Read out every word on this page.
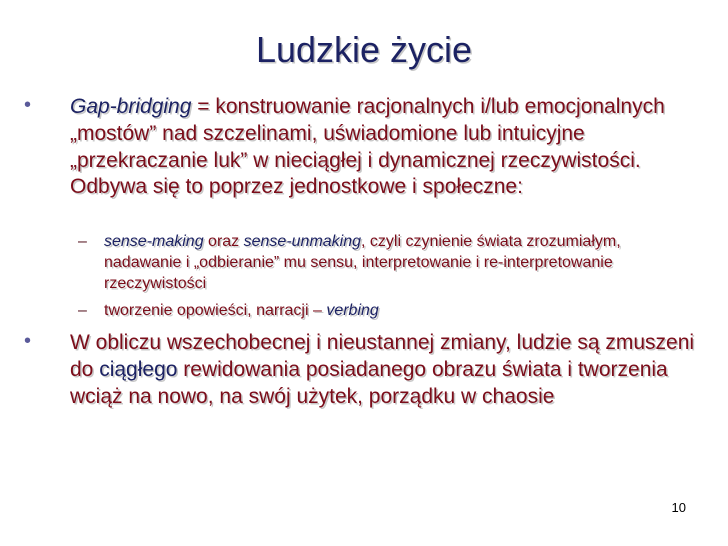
Ludzkie życie
• Gap-bridging = konstruowanie racjonalnych i/lub emocjonalnych „mostów” nad szczelinami, uświadomione lub intuicyjne „przekraczanie luk” w nieciągłej i dynamicznej rzeczywistości. Odbywa się to poprzez jednostkowe i społeczne:
– sense-making oraz sense-unmaking, czyli czynienie świata zrozumiałym, nadawanie i „odbieranie” mu sensu, interpretowanie i re-interpretowanie rzeczywistości
– tworzenie opowieści, narracji – verbing
• W obliczu wszechobecnej i nieustannej zmiany, ludzie są zmuszeni do ciągłego rewidowania posiadanego obrazu świata i tworzenia wciąż na nowo, na swój użytek, porządku w chaosie
10
